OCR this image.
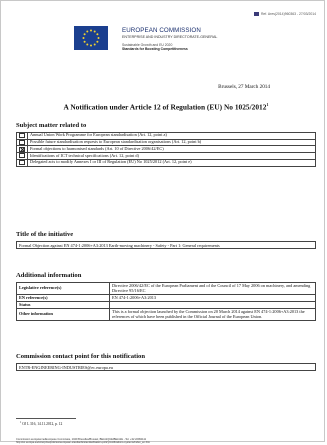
Ref. Ares(2014)960363 - 27/03/2014
EUROPEAN COMMISSION
ENTERPRISE AND INDUSTRY DIRECTORATE-GENERAL
Sustainable Growth and EU 2020
Standards for Boosting Competitiveness
Brussels, 27 March 2014
A Notification under Article 12 of Regulation (EU) No 1025/2012$^1$
Subject matter related to
	Annual Union Work Programme for European standardisation (Art. 12, point a)
	Possible future standardisation requests to European standardisation organisations (Art. 12, point b)
	Formal objections to harmonised standards (Art. 10 of Directive 2006/42/EC)
	Identifications of ICT technical specifications (Art. 12, point d)
	Delegated acts to modify Annexes I or III of Regulation (EU) No 1025/2012 (Art. 12, point e)
Title of the initiative
Formal Objection against EN 474-1:2006+A3:2013 Earth-moving machinery - Safety - Part 1: General requirements
Additional information
Legislative reference(s)	Directive 2006/42/EC of the European Parliament and of the Council of 17 May 2006 on machinery, and amending Directive 95/16/EC
EN reference(s)	EN 474-1:2006+A3:2013
Status	
Other information	This is a formal objection launched by the Commission on 20 March 2014 against EN 474-1:2006+A3:2013 the references of which have been published in the Official Journal of the European Union.
Commission contact point for this notification
ENTR-ENGINEERING-INDUSTRIES@ec.europa.eu
$^1$ OJ L 316, 14.11.2012, p. 12
Commission européenne/Europese Commissie, 1049 Bruxelles/Brussel, BELGIQUE/BELGIË - Tel. +32 22991111
http://ec.europa.eu/enterprise/policies/european-standards/standardisation-policy/notifications-systems/index_en.htm
